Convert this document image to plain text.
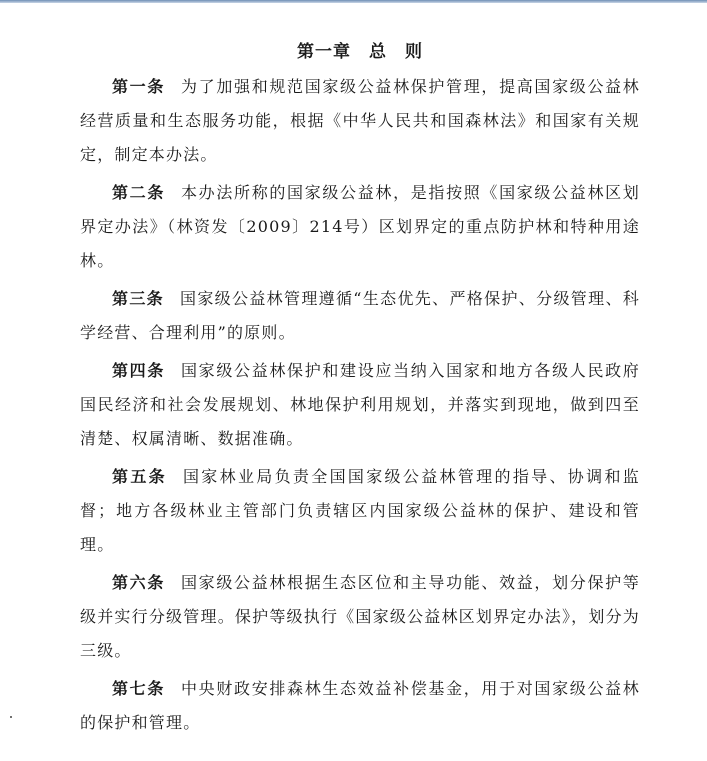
第一章　总　则

第一条 为了加强和规范国家级公益林保护管理，提高国家级公益林经营质量和生态服务功能，根据《中华人民共和国森林法》和国家有关规定，制定本办法。

第二条 本办法所称的国家级公益林，是指按照《国家级公益林区划界定办法》（林资发〔2009〕214号）区划界定的重点防护林和特种用途林。

第三条 国家级公益林管理遵循“生态优先、严格保护、分级管理、科学经营、合理利用”的原则。

第四条 国家级公益林保护和建设应当纳入国家和地方各级人民政府国民经济和社会发展规划、林地保护利用规划，并落实到现地，做到四至清楚、权属清晰、数据准确。

第五条 国家林业局负责全国国家级公益林管理的指导、协调和监督；地方各级林业主管部门负责辖区内国家级公益林的保护、建设和管理。

第六条 国家级公益林根据生态区位和主导功能、效益，划分保护等级并实行分级管理。保护等级执行《国家级公益林区划界定办法》，划分为三级。

第七条 中央财政安排森林生态效益补偿基金，用于对国家级公益林的保护和管理。
